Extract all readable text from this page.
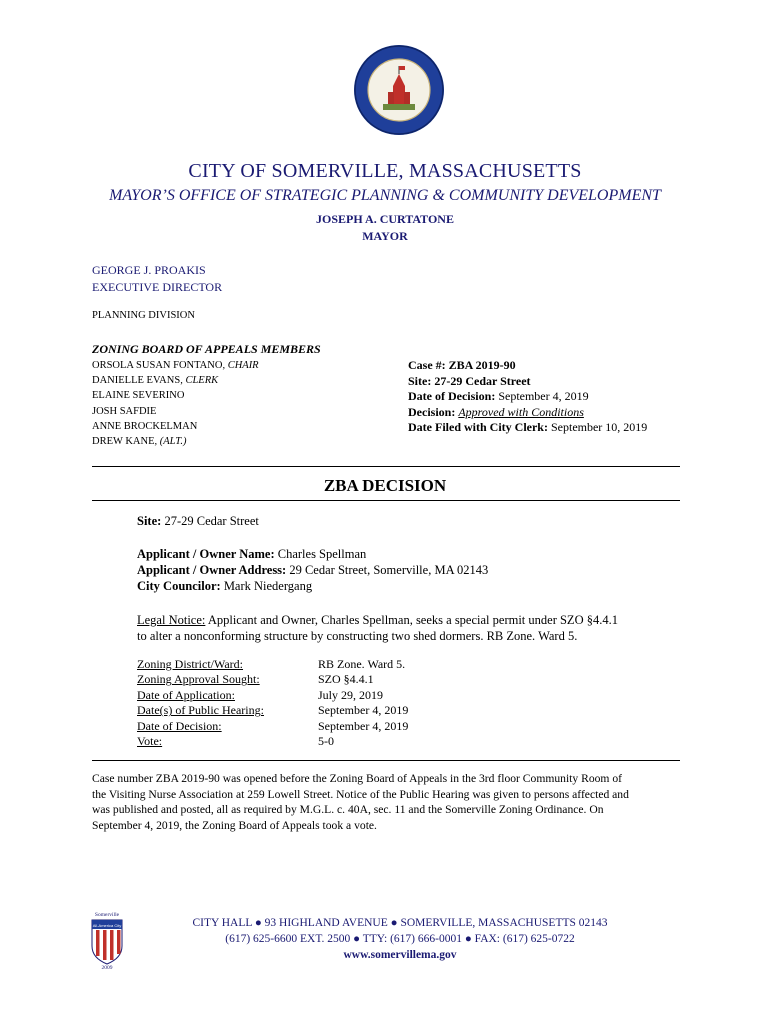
CITY OF SOMERVILLE, MASSACHUSETTS
MAYOR’S OFFICE OF STRATEGIC PLANNING & COMMUNITY DEVELOPMENT
JOSEPH A. CURTATONE
MAYOR
GEORGE J. PROAKIS
EXECUTIVE DIRECTOR
PLANNING DIVISION
ZONING BOARD OF APPEALS MEMBERS
ORSOLA SUSAN FONTANO, CHAIR
DANIELLE EVANS, CLERK
ELAINE SEVERINO
JOSH SAFDIE
ANNE BROCKELMAN
DREW KANE, (ALT.)
Case #: ZBA 2019-90
Site: 27-29 Cedar Street
Date of Decision: September 4, 2019
Decision: Approved with Conditions
Date Filed with City Clerk: September 10, 2019
ZBA DECISION
Site: 27-29 Cedar Street
Applicant / Owner Name: Charles Spellman
Applicant / Owner Address: 29 Cedar Street, Somerville, MA 02143
City Councilor: Mark Niedergang
Legal Notice: Applicant and Owner, Charles Spellman, seeks a special permit under SZO §4.4.1
to alter a nonconforming structure by constructing two shed dormers. RB Zone. Ward 5.
Zoning District/Ward:
Zoning Approval Sought:
Date of Application:
Date(s) of Public Hearing:
Date of Decision:
Vote:
RB Zone. Ward 5.
SZO §4.4.1
July 29, 2019
September 4, 2019
September 4, 2019
5-0
Case number ZBA 2019-90 was opened before the Zoning Board of Appeals in the 3rd floor Community Room of
the Visiting Nurse Association at 259 Lowell Street. Notice of the Public Hearing was given to persons affected and
was published and posted, all as required by M.G.L. c. 40A, sec. 11 and the Somerville Zoning Ordinance. On
September 4, 2019, the Zoning Board of Appeals took a vote.
Somerville
All-America City
2009
CITY HALL ● 93 HIGHLAND AVENUE ● SOMERVILLE, MASSACHUSETTS 02143
(617) 625-6600 EXT. 2500 ● TTY: (617) 666-0001 ● FAX: (617) 625-0722
www.somervillema.gov
